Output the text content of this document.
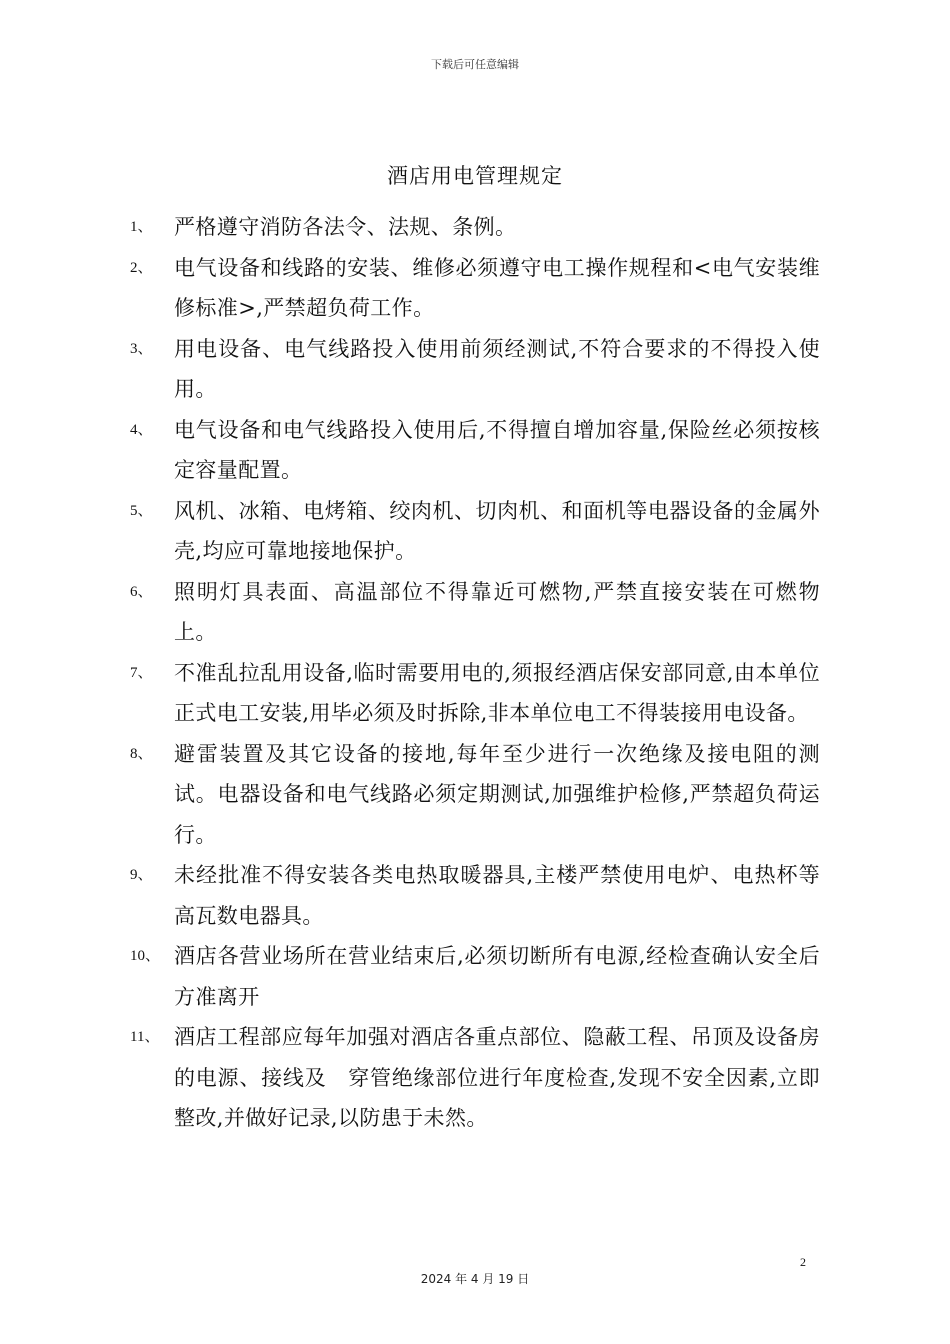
下载后可任意编辑
酒店用电管理规定
1、 严格遵守消防各法令、法规、条例。
2、 电气设备和线路的安装、维修必须遵守电工操作规程和<电气安装维修标准>,严禁超负荷工作。
3、 用电设备、电气线路投入使用前须经测试,不符合要求的不得投入使用。
4、 电气设备和电气线路投入使用后,不得擅自增加容量,保险丝必须按核定容量配置。
5、 风机、冰箱、电烤箱、绞肉机、切肉机、和面机等电器设备的金属外壳,均应可靠地接地保护。
6、 照明灯具表面、高温部位不得靠近可燃物,严禁直接安装在可燃物上。
7、 不准乱拉乱用设备,临时需要用电的,须报经酒店保安部同意,由本单位正式电工安装,用毕必须及时拆除,非本单位电工不得装接用电设备。
8、 避雷装置及其它设备的接地,每年至少进行一次绝缘及接电阻的测试。电器设备和电气线路必须定期测试,加强维护检修,严禁超负荷运行。
9、 未经批准不得安装各类电热取暖器具,主楼严禁使用电炉、电热杯等高瓦数电器具。
10、 酒店各营业场所在营业结束后,必须切断所有电源,经检查确认安全后方准离开
11、 酒店工程部应每年加强对酒店各重点部位、隐蔽工程、吊顶及设备房的电源、接线及　穿管绝缘部位进行年度检查,发现不安全因素,立即整改,并做好记录,以防患于未然。
2
2024 年 4 月 19 日
